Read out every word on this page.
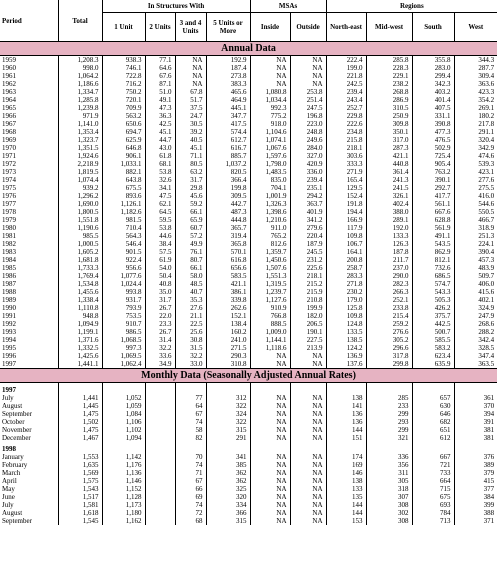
Period	Total	In Structures With				MSAs		Regions			
		1 Unit	2 Units	3 and 4 Units	5 Units or More	Inside	Outside	North-east	Mid-west	South	West
Annual Data											
1959	1,208.3	938.3	77.1	NA	192.9	NA	NA	222.4	285.8	355.8	344.3
1960	998.0	746.1	64.6	NA	187.4	NA	NA	199.0	228.3	283.0	287.7
1961	1,064.2	722.8	67.6	NA	273.8	NA	NA	221.8	229.1	299.4	309.4
1962	1,186.6	716.2	87.1	NA	383.3	NA	NA	242.5	238.2	342.3	363.6
1963	1,334.7	750.2	51.0	67.8	465.6	1,080.8	253.8	239.4	268.8	403.2	423.3
1964	1,285.8	720.1	49.1	51.7	464.9	1,034.4	251.4	243.4	286.9	401.4	354.2
1965	1,239.8	709.9	47.3	37.5	445.1	992.3	247.5	252.7	310.5	407.5	269.1
1966	971.9	563.2	36.3	24.7	347.7	775.2	196.8	229.8	250.9	331.1	180.2
1967	1,141.0	650.6	42.5	30.5	417.5	918.0	223.0	222.6	309.8	390.8	217.8
1968	1,353.4	694.7	45.1	39.2	574.4	1,104.6	248.8	234.8	350.1	477.3	291.1
1969	1,323.7	625.9	44.7	40.5	612.7	1,074.1	249.6	215.8	317.0	476.5	320.4
1970	1,351.5	646.8	43.0	45.1	616.7	1,067.6	284.0	218.1	287.3	502.9	342.9
1971	1,924.6	906.1	61.8	71.1	885.7	1,597.6	327.0	303.6	421.1	725.4	474.6
1972	2,218.9	1,033.1	68.1	80.5	1,037.2	1,798.0	420.9	333.3	440.8	905.4	539.3
1973	1,819.5	882.1	53.8	63.2	820.5	1,483.5	336.0	271.9	361.4	763.2	423.1
1974	1,074.4	643.8	32.6	31.7	366.4	835.0	239.4	165.4	241.3	390.1	277.6
1975	939.2	675.5	34.1	29.8	199.8	704.1	235.1	129.5	241.5	292.7	275.5
1976	1,296.2	893.6	47.5	45.6	309.5	1,001.9	294.2	152.4	326.1	417.7	416.0
1977	1,690.0	1,126.1	62.1	59.2	442.7	1,326.3	363.7	191.8	402.4	561.1	544.6
1978	1,800.5	1,182.6	64.5	66.1	487.3	1,398.6	401.9	194.4	388.0	667.6	550.5
1979	1,551.8	981.5	59.5	65.9	444.8	1,210.6	341.2	166.9	289.1	628.8	466.7
1980	1,190.6	710.4	53.8	60.7	365.7	911.0	279.6	117.9	192.0	561.9	318.9
1981	985.5	564.3	44.6	57.2	319.4	765.2	220.4	109.8	133.3	491.1	251.3
1982	1,000.5	546.4	38.4	49.9	365.8	812.6	187.9	106.7	126.3	543.5	224.1
1983	1,605.2	901.5	57.5	76.1	570.1	1,359.7	245.5	164.1	187.8	862.9	390.4
1984	1,681.8	922.4	61.9	80.7	616.8	1,450.6	231.2	200.8	211.7	812.1	457.3
1985	1,733.3	956.6	54.0	66.1	656.6	1,507.6	225.6	258.7	237.0	732.6	483.9
1986	1,769.4	1,077.6	50.4	58.0	583.5	1,551.3	218.1	283.3	290.0	686.5	509.7
1987	1,534.8	1,024.4	40.8	48.5	421.1	1,319.5	215.2	271.8	282.3	574.7	406.0
1988	1,455.6	993.8	35.0	40.7	386.1	1,239.7	215.9	230.2	266.3	543.3	415.6
1989	1,338.4	931.7	31.7	35.3	339.8	1,127.6	210.8	179.0	252.1	505.3	402.1
1990	1,110.8	793.9	26.7	27.6	262.6	910.9	199.9	125.8	233.8	426.2	324.9
1991	948.8	753.5	22.0	21.1	152.1	766.8	182.0	109.8	215.4	375.7	247.9
1992	1,094.9	910.7	23.3	22.5	138.4	888.5	206.5	124.8	259.2	442.5	268.6
1993	1,199.1	986.5	26.7	25.6	160.2	1,009.0	190.1	133.5	276.6	500.7	288.2
1994	1,371.6	1,068.5	31.4	30.8	241.0	1,144.1	227.5	138.5	305.2	585.5	342.4
1995	1,332.5	997.3	32.2	31.5	271.5	1,118.6	213.9	124.2	296.6	583.2	328.5
1996	1,425.6	1,069.5	33.6	32.2	290.3	NA	NA	136.9	317.8	623.4	347.4
1997	1,441.1	1,062.4	34.9	33.0	310.8	NA	NA	137.6	299.8	635.9	363.5
Monthly Data (Seasonally Adjusted Annual Rates)											

1997											
July	1,441	1,052		77	312	NA	NA	138	285	657	361
August	1,445	1,059		64	322	NA	NA	141	233	630	370
September	1,475	1,084		67	324	NA	NA	136	299	646	394
October	1,502	1,106		74	322	NA	NA	136	293	682	391
November	1,475	1,102		58	315	NA	NA	144	299	651	381
December	1,467	1,094		82	291	NA	NA	151	321	612	381

1998											
January	1,553	1,142		70	341	NA	NA	174	336	667	376
February	1,635	1,176		74	385	NA	NA	169	356	721	389
March	1,569	1,136		71	362	NA	NA	146	311	733	379
April	1,575	1,146		67	362	NA	NA	138	305	664	415
May	1,543	1,152		66	325	NA	NA	133	318	715	377
June	1,517	1,128		69	320	NA	NA	135	307	675	384
July	1,581	1,173		74	334	NA	NA	144	308	693	399
August	1,618	1,180		72	366	NA	NA	144	302	784	388
September	1,545	1,162		68	315	NA	NA	153	308	713	371
